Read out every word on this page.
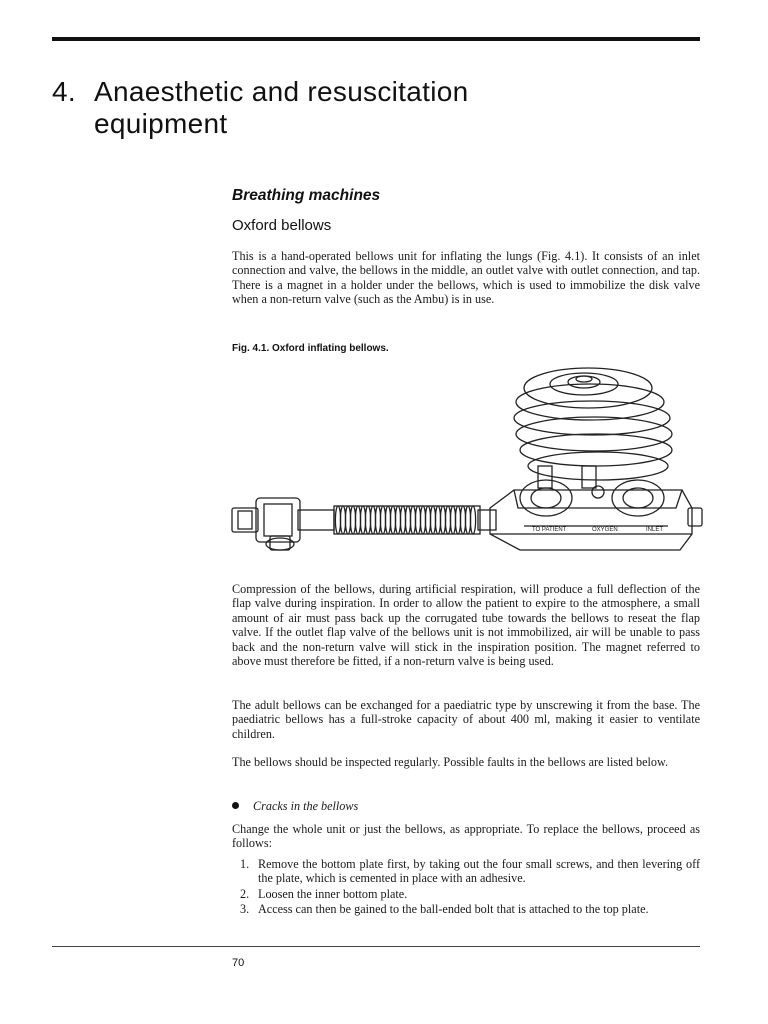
4. Anaesthetic and resuscitation
equipment
Breathing machines
Oxford bellows

This is a hand-operated bellows unit for inflating the lungs (Fig. 4.1). It consists of an inlet connection and valve, the bellows in the middle, an outlet valve with outlet connection, and tap. There is a magnet in a holder under the bellows, which is used to immobilize the disk valve when a non-return valve (such as the Ambu) is in use.

Fig. 4.1. Oxford inflating bellows.
TO PATIENT	OXYGEN	INLET

Compression of the bellows, during artificial respiration, will produce a full deflection of the flap valve during inspiration. In order to allow the patient to expire to the atmosphere, a small amount of air must pass back up the corrugated tube towards the bellows to reseat the flap valve. If the outlet flap valve of the bellows unit is not immobilized, air will be unable to pass back and the non-return valve will stick in the inspiration position. The magnet referred to above must therefore be fitted, if a non-return valve is being used.

The adult bellows can be exchanged for a paediatric type by unscrewing it from the base. The paediatric bellows has a full-stroke capacity of about 400 ml, making it easier to ventilate children.

The bellows should be inspected regularly. Possible faults in the bellows are listed below.

Cracks in the bellows

Change the whole unit or just the bellows, as appropriate. To replace the bellows, proceed as follows:

1. Remove the bottom plate first, by taking out the four small screws, and then levering off the plate, which is cemented in place with an adhesive.
2. Loosen the inner bottom plate.
3. Access can then be gained to the ball-ended bolt that is attached to the top plate.
70
